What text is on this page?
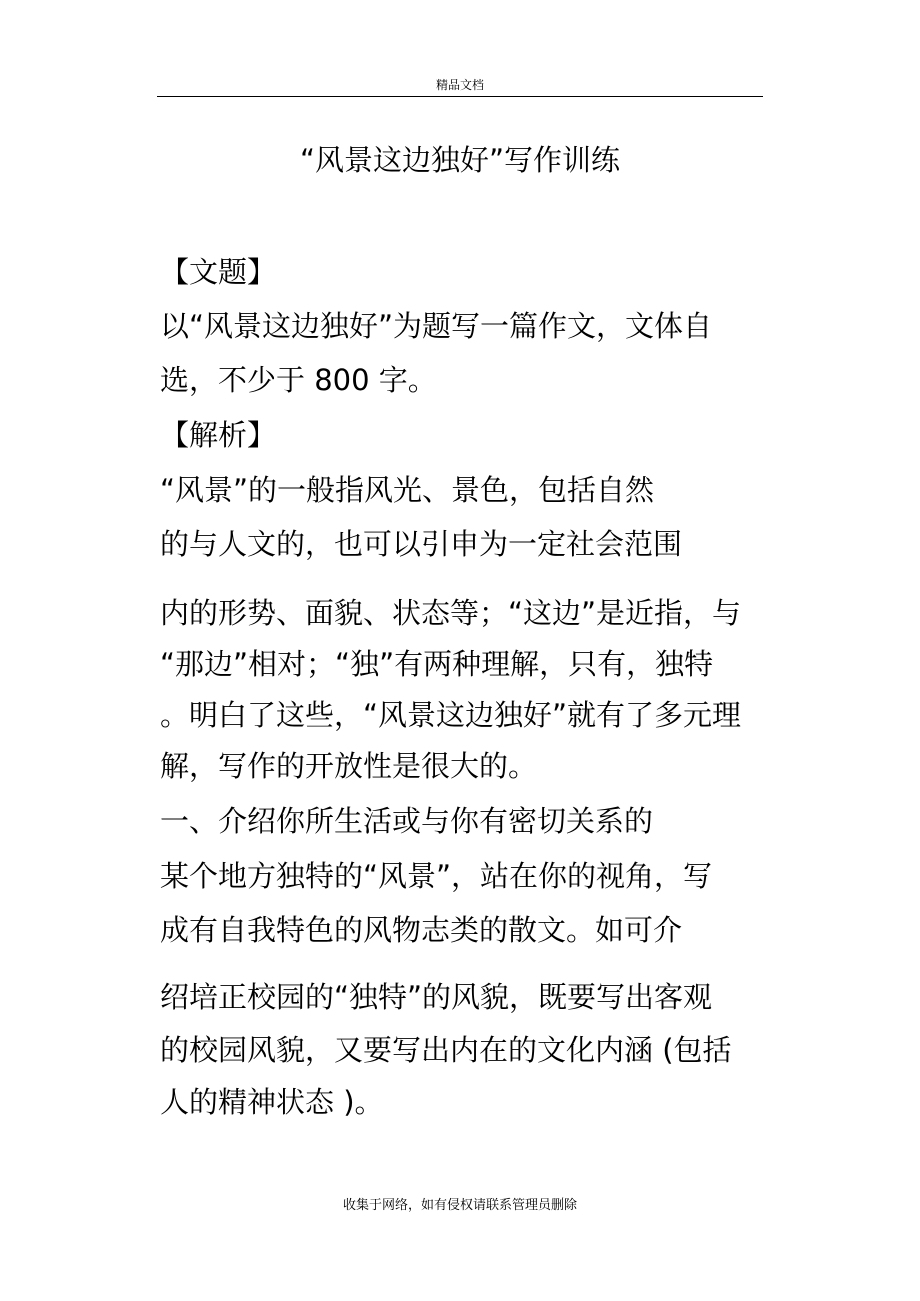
精品文档
“风景这边独好”写作训练
【文题】
以“风景这边独好”为题写一篇作文，文体自
选，不少于 800 字。
【解析】
“风景”的一般指风光、景色，包括自然
的与人文的，也可以引申为一定社会范围
内的形势、面貌、状态等；“这边”是近指，与
“那边”相对；“独”有两种理解，只有，独特
。明白了这些，“风景这边独好”就有了多元理
解，写作的开放性是很大的。
一、介绍你所生活或与你有密切关系的
某个地方独特的“风景”，站在你的视角，写
成有自我特色的风物志类的散文。如可介
绍培正校园的“独特”的风貌，既要写出客观
的校园风貌，又要写出内在的文化内涵 (包括
人的精神状态 )。
收集于网络，如有侵权请联系管理员删除
